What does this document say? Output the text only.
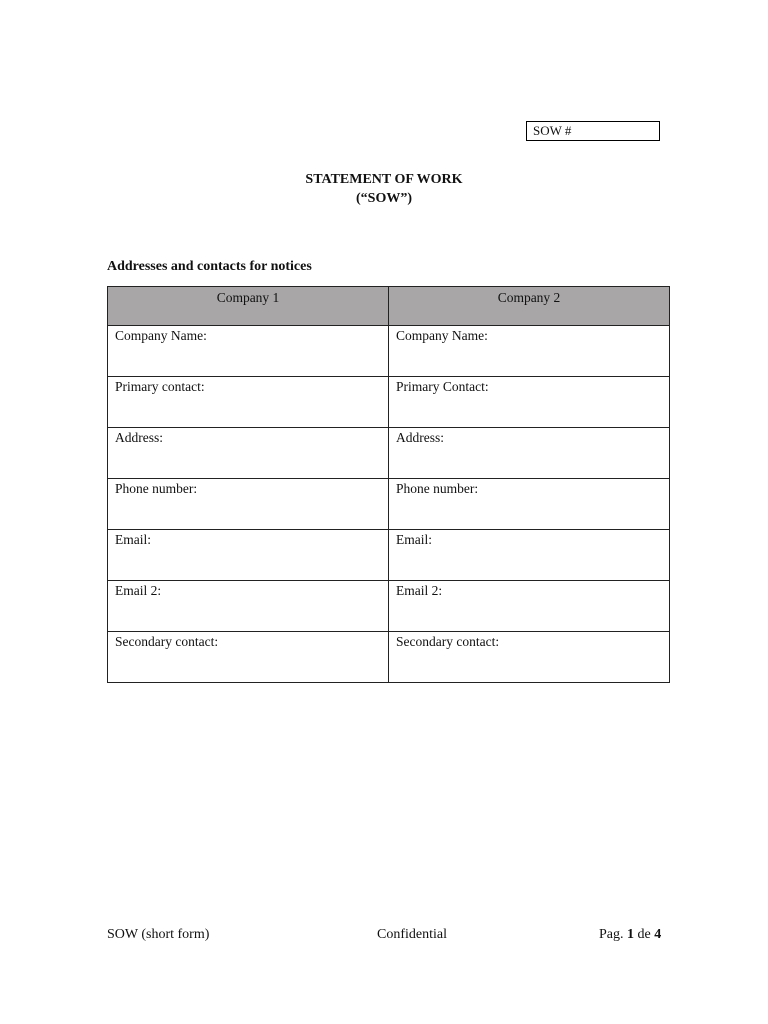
SOW #
STATEMENT OF WORK
(“SOW”)
Addresses and contacts for notices
Company 1	Company 2
Company Name:	Company Name:
Primary contact:	Primary Contact:
Address:	Address:
Phone number:	Phone number:
Email:	Email:
Email 2:	Email 2:
Secondary contact:	Secondary contact:
SOW (short form)	Confidential	Pag. 1 de 4
